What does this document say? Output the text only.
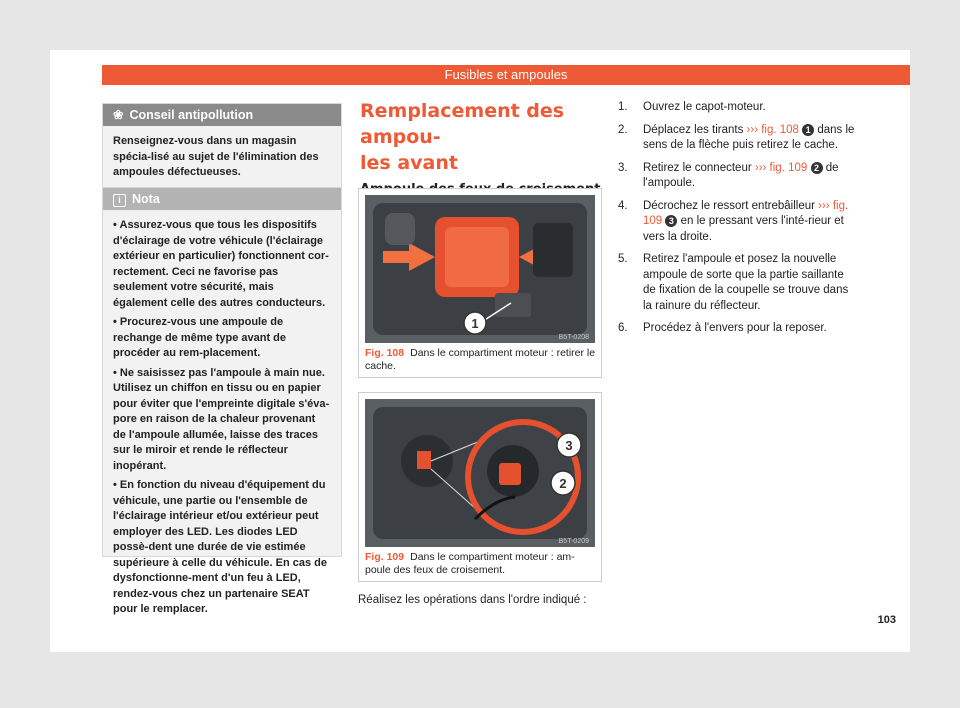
Fusibles et ampoules
❀ Conseil antipollution
Renseignez-vous dans un magasin spécia-lisé au sujet de l'élimination des ampoules défectueuses.
i Nota

• Assurez-vous que tous les dispositifs d'éclairage de votre véhicule (l'éclairage extérieur en particulier) fonctionnent cor-rectement. Ceci ne favorise pas seulement votre sécurité, mais également celle des autres conducteurs.

• Procurez-vous une ampoule de rechange de même type avant de procéder au rem-placement.

• Ne saisissez pas l'ampoule à main nue. Utilisez un chiffon en tissu ou en papier pour éviter que l'empreinte digitale s'éva-pore en raison de la chaleur provenant de l'ampoule allumée, laisse des traces sur le miroir et rende le réflecteur inopérant.

• En fonction du niveau d'équipement du véhicule, une partie ou l'ensemble de l'éclairage intérieur et/ou extérieur peut employer des LED. Les diodes LED possè-dent une durée de vie estimée supérieure à celle du véhicule. En cas de dysfonctionne-ment d'un feu à LED, rendez-vous chez un partenaire SEAT pour le remplacer.

Remplacement des ampou-
les avant
1
B5T-0208
Fig. 108 Dans le compartiment moteur : retirer le cache.
3
2
B5T-0209
Fig. 109 Dans le compartiment moteur : am-poule des feux de croisement.
Réalisez les opérations dans l'ordre indiqué :
1.	Ouvrez le capot-moteur.
2.	Déplacez les tirants ››› fig. 108 1 dans le sens de la flèche puis retirez le cache.
3.	Retirez le connecteur ››› fig. 109 2 de l'ampoule.
4.	Décrochez le ressort entrebâilleur ››› fig. 109 3 en le pressant vers l'inté-rieur et vers la droite.
5.	Retirez l'ampoule et posez la nouvelle ampoule de sorte que la partie saillante de fixation de la coupelle se trouve dans la rainure du réflecteur.
6.	Procédez à l'envers pour la reposer.
103
